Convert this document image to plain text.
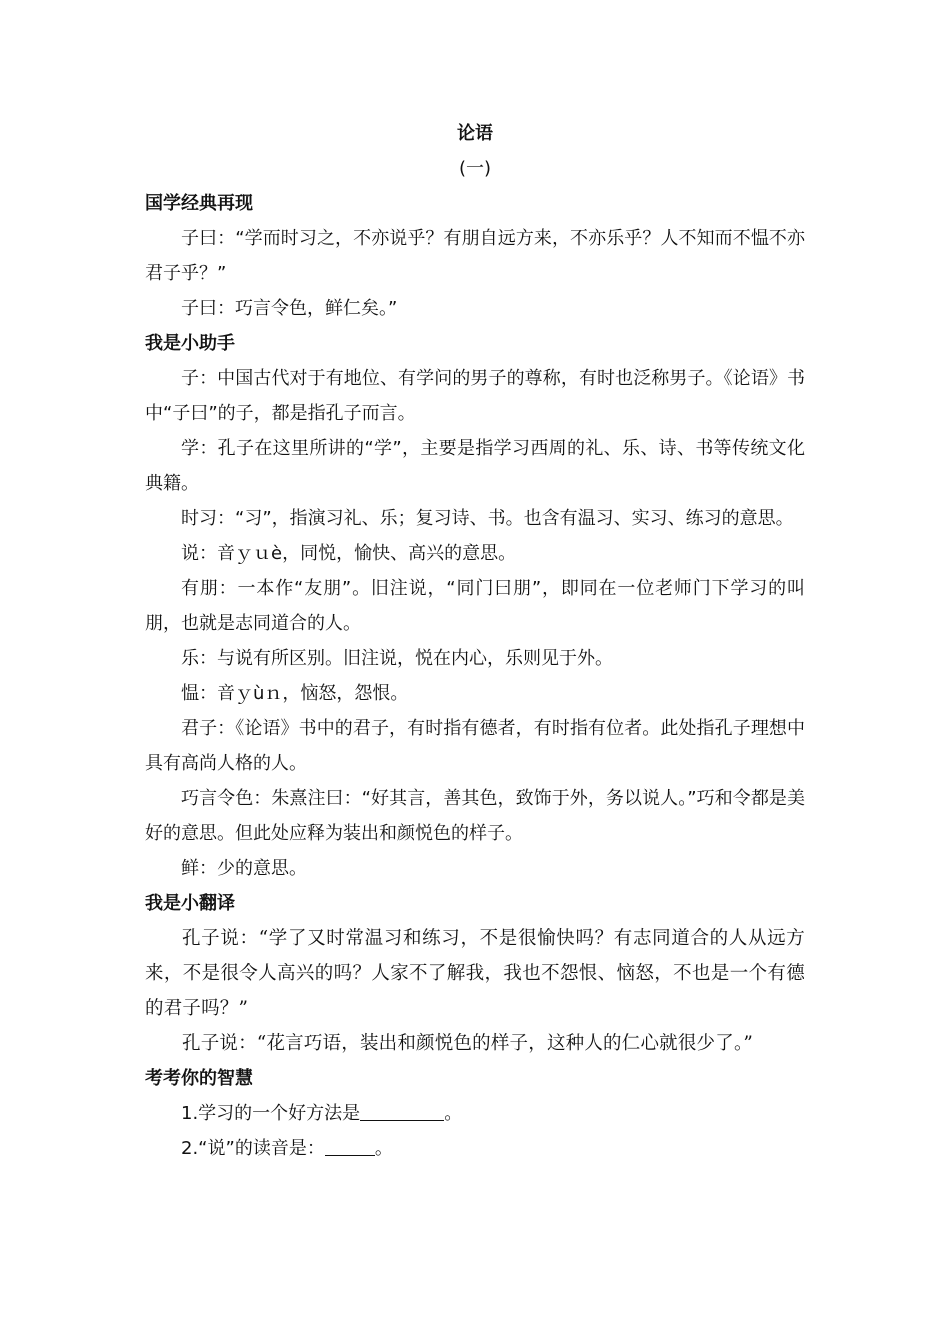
论语

(一)

国学经典再现

子曰：“学而时习之，不亦说乎？有朋自远方来，不亦乐乎？人不知而不愠不亦君子乎？”

子曰：巧言令色，鲜仁矣。”

我是小助手

子：中国古代对于有地位、有学问的男子的尊称，有时也泛称男子。《论语》书中“子曰”的子，都是指孔子而言。

学：孔子在这里所讲的“学”，主要是指学习西周的礼、乐、诗、书等传统文化典籍。

时习：“习”，指演习礼、乐；复习诗、书。也含有温习、实习、练习的意思。

说：音ｙｕè，同悦，愉快、高兴的意思。

有朋：一本作“友朋”。旧注说，“同门曰朋”，即同在一位老师门下学习的叫朋，也就是志同道合的人。

乐：与说有所区别。旧注说，悦在内心，乐则见于外。

愠：音ｙùｎ，恼怒，怨恨。

君子：《论语》书中的君子，有时指有德者，有时指有位者。此处指孔子理想中具有高尚人格的人。

巧言令色：朱熹注曰：“好其言，善其色，致饰于外，务以说人。”巧和令都是美好的意思。但此处应释为装出和颜悦色的样子。

鲜：少的意思。

我是小翻译

孔子说：“学了又时常温习和练习，不是很愉快吗？有志同道合的人从远方来，不是很令人高兴的吗？人家不了解我，我也不怨恨、恼怒，不也是一个有德的君子吗？”

孔子说：“花言巧语，装出和颜悦色的样子，这种人的仁心就很少了。”

考考你的智慧

1.学习的一个好方法是	。

2.“说”的读音是：	。
